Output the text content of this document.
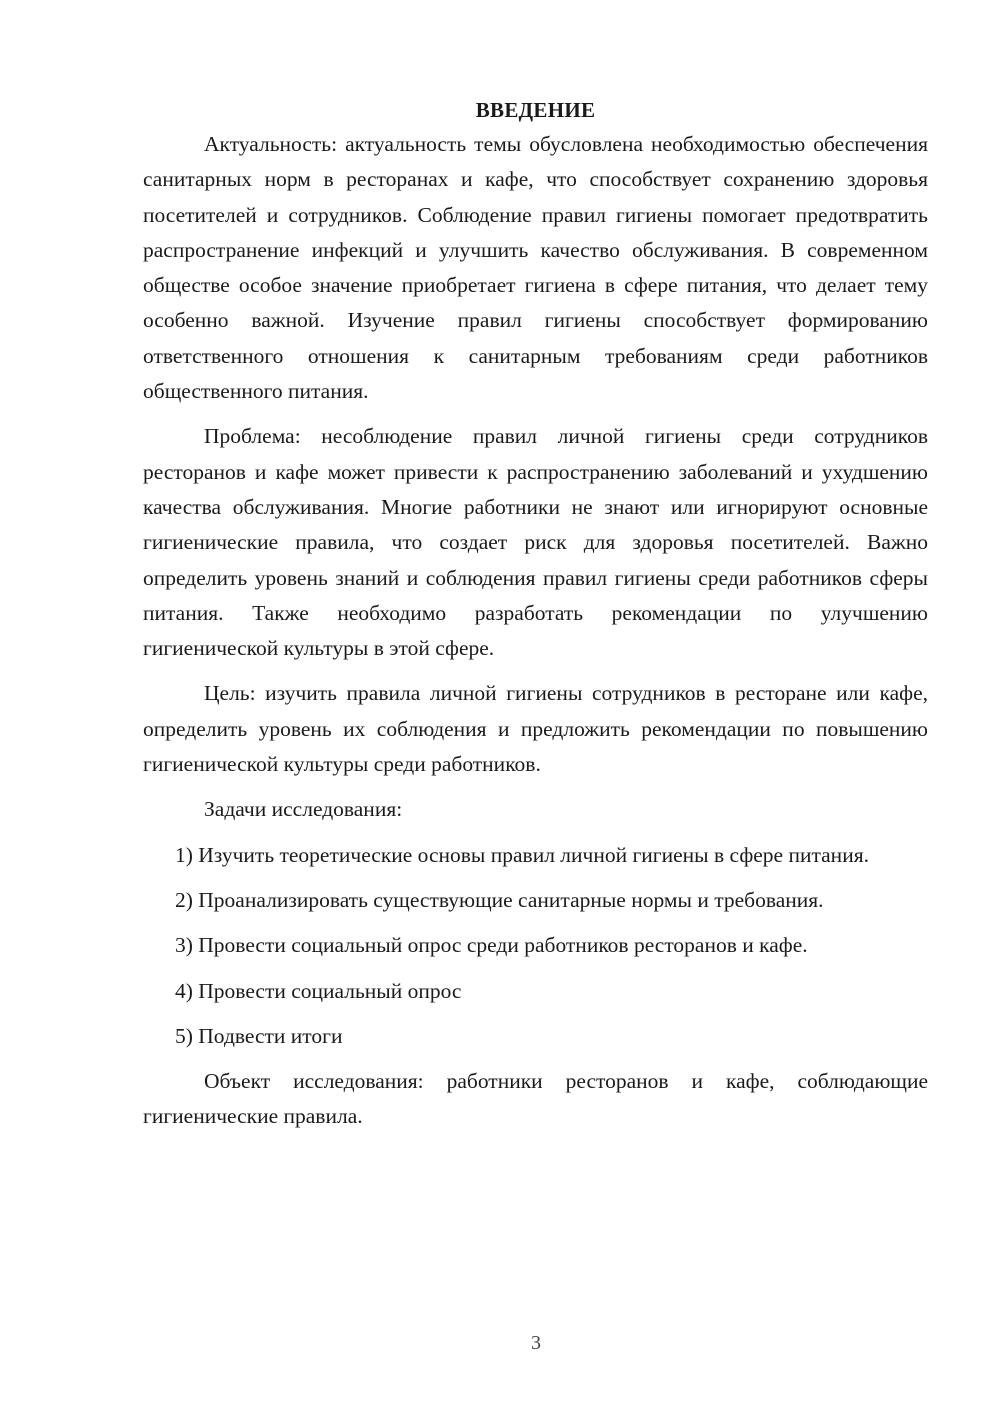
ВВЕДЕНИЕ

Актуальность: актуальность темы обусловлена необходимостью обеспечения санитарных норм в ресторанах и кафе, что способствует сохранению здоровья посетителей и сотрудников. Соблюдение правил гигиены помогает предотвратить распространение инфекций и улучшить качество обслуживания. В современном обществе особое значение приобретает гигиена в сфере питания, что делает тему особенно важной. Изучение правил гигиены способствует формированию ответственного отношения к санитарным требованиям среди работников общественного питания.

Проблема: несоблюдение правил личной гигиены среди сотрудников ресторанов и кафе может привести к распространению заболеваний и ухудшению качества обслуживания. Многие работники не знают или игнорируют основные гигиенические правила, что создает риск для здоровья посетителей. Важно определить уровень знаний и соблюдения правил гигиены среди работников сферы питания. Также необходимо разработать рекомендации по улучшению гигиенической культуры в этой сфере.

Цель: изучить правила личной гигиены сотрудников в ресторане или кафе, определить уровень их соблюдения и предложить рекомендации по повышению гигиенической культуры среди работников.

Задачи исследования:

1) Изучить теоретические основы правил личной гигиены в сфере питания.

2) Проанализировать существующие санитарные нормы и требования.

3) Провести социальный опрос среди работников ресторанов и кафе.

4) Провести социальный опрос

5) Подвести итоги

Объект исследования: работники ресторанов и кафе, соблюдающие гигиенические правила.

3
